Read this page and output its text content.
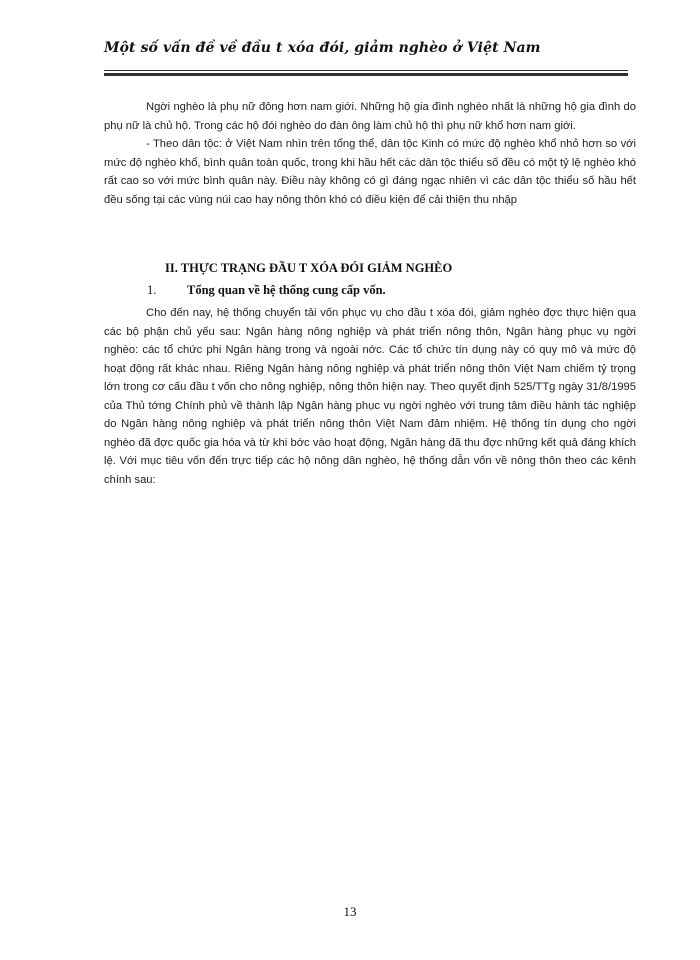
Một số vấn đề về đầu t xóa đói, giảm nghèo ở Việt Nam

Ngời nghèo là phụ nữ đông hơn nam giới. Những hộ gia đình nghèo nhất là những hộ gia đình do phụ nữ là chủ hộ. Trong các hộ đói nghèo do đàn ông làm chủ hộ thì phụ nữ khổ hơn nam giới.

- Theo dân tộc: ở Việt Nam nhìn trên tổng thể, dân tộc Kinh có mức độ nghèo khổ nhỏ hơn so với mức độ nghèo khổ, bình quân toàn quốc, trong khi hầu hết các dân tộc thiểu số đều có một tỷ lệ nghèo khó rất cao so với mức bình quân này. Điều này không có gì đáng ngạc nhiên vì các dân tộc thiểu số hầu hết đều sống tại các vùng núi cao hay nông thôn khó có điều kiện để cải thiện thu nhập

II. THỰC TRẠNG ĐẦU T XÓA ĐÓI GIẢM NGHÈO
1. Tổng quan về hệ thống cung cấp vốn.

Cho đến nay, hệ thống chuyển tải vốn phục vụ cho đầu t xóa đói, giảm nghèo đợc thực hiện qua các bộ phận chủ yếu sau: Ngân hàng nông nghiệp và phát triển nông thôn, Ngân hàng phục vụ ngời nghèo: các tổ chức phi Ngân hàng trong và ngoài nớc. Các tổ chức tín dụng này có quy mô và mức độ hoạt động rất khác nhau. Riêng Ngân hàng nông nghiệp và phát triển nông thôn Việt Nam chiếm tỷ trọng lớn trong cơ cấu đầu t vốn cho nông nghiệp, nông thôn hiện nay. Theo quyết định 525/TTg ngày 31/8/1995 của Thủ tớng Chính phủ về thành lập Ngân hàng phục vụ ngời nghèo với trung tâm điều hành tác nghiệp do Ngân hàng nông nghiệp và phát triển nông thôn Việt Nam đảm nhiệm. Hệ thống tín dụng cho ngời nghèo đã đợc quốc gia hóa và từ khi bớc vào hoạt động, Ngân hàng đã thu đợc những kết quả đáng khích lệ. Với mục tiêu vốn đến trực tiếp các hộ nông dân nghèo, hệ thống dẫn vốn về nông thôn theo các kênh chính sau:

13
